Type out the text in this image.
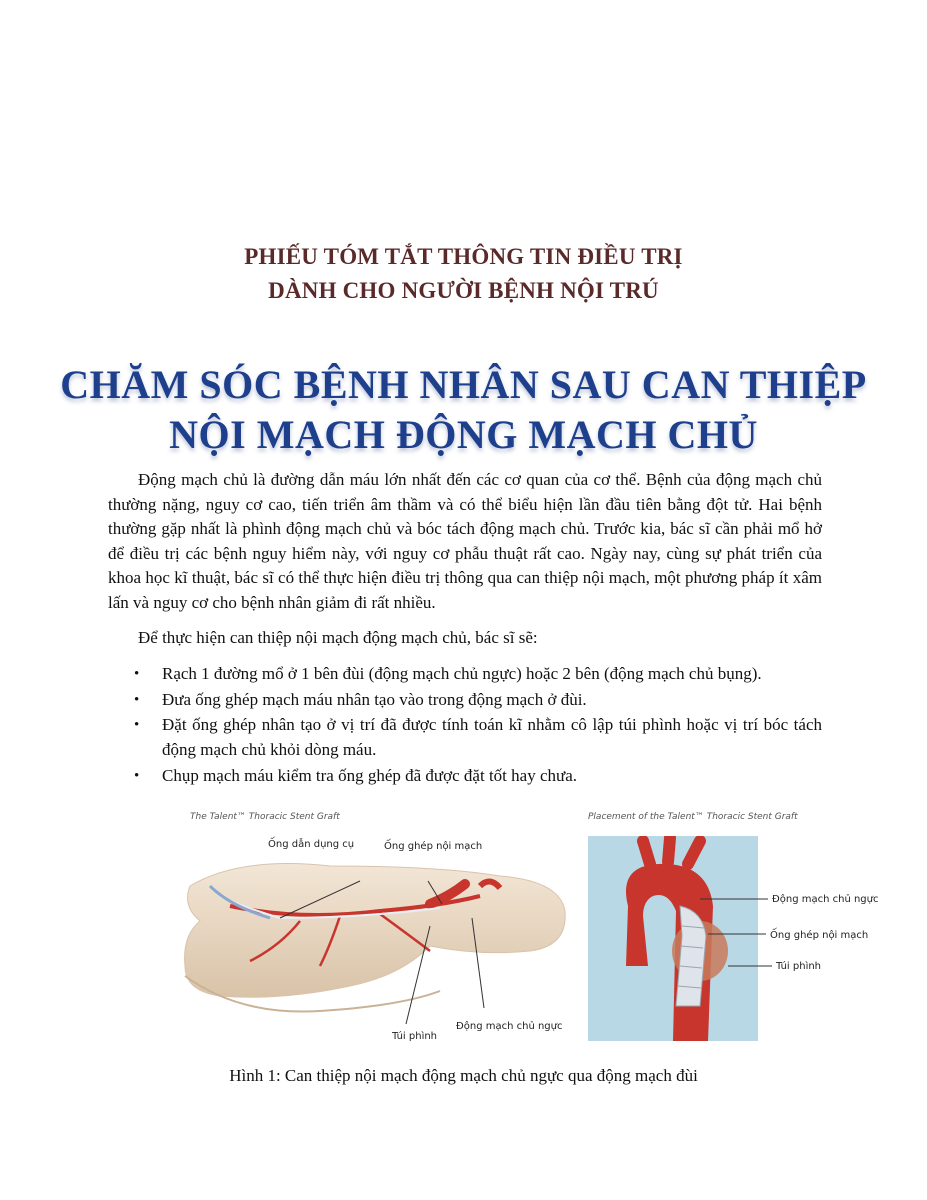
PHIẾU TÓM TẮT THÔNG TIN ĐIỀU TRỊ
DÀNH CHO NGƯỜI BỆNH NỘI TRÚ
CHĂM SÓC BỆNH NHÂN SAU CAN THIỆP
NỘI MẠCH ĐỘNG MẠCH CHỦ

Động mạch chủ là đường dẫn máu lớn nhất đến các cơ quan của cơ thể. Bệnh của động mạch chủ thường nặng, nguy cơ cao, tiến triển âm thầm và có thể biểu hiện lần đầu tiên bằng đột tử. Hai bệnh thường gặp nhất là phình động mạch chủ và bóc tách động mạch chủ. Trước kia, bác sĩ cần phải mổ hở để điều trị các bệnh nguy hiểm này, với nguy cơ phẫu thuật rất cao. Ngày nay, cùng sự phát triển của khoa học kĩ thuật, bác sĩ có thể thực hiện điều trị thông qua can thiệp nội mạch, một phương pháp ít xâm lấn và nguy cơ cho bệnh nhân giảm đi rất nhiều.

Để thực hiện can thiệp nội mạch động mạch chủ, bác sĩ sẽ:

• Rạch 1 đường mổ ở 1 bên đùi (động mạch chủ ngực) hoặc 2 bên (động mạch chủ bụng).
• Đưa ống ghép mạch máu nhân tạo vào trong động mạch ở đùi.
• Đặt ống ghép nhân tạo ở vị trí đã được tính toán kĩ nhằm cô lập túi phình hoặc vị trí bóc tách động mạch chủ khỏi dòng máu.
• Chụp mạch máu kiểm tra ống ghép đã được đặt tốt hay chưa.
The Talent™ Thoracic Stent Graft	Placement of the Talent™ Thoracic Stent Graft
Ống dẫn dụng cụ	Ống ghép nội mạch
Túi phình
Động mạch chủ ngực
Động mạch chủ ngực
Ống ghép nội mạch
Túi phình
Hình 1: Can thiệp nội mạch động mạch chủ ngực qua động mạch đùi
